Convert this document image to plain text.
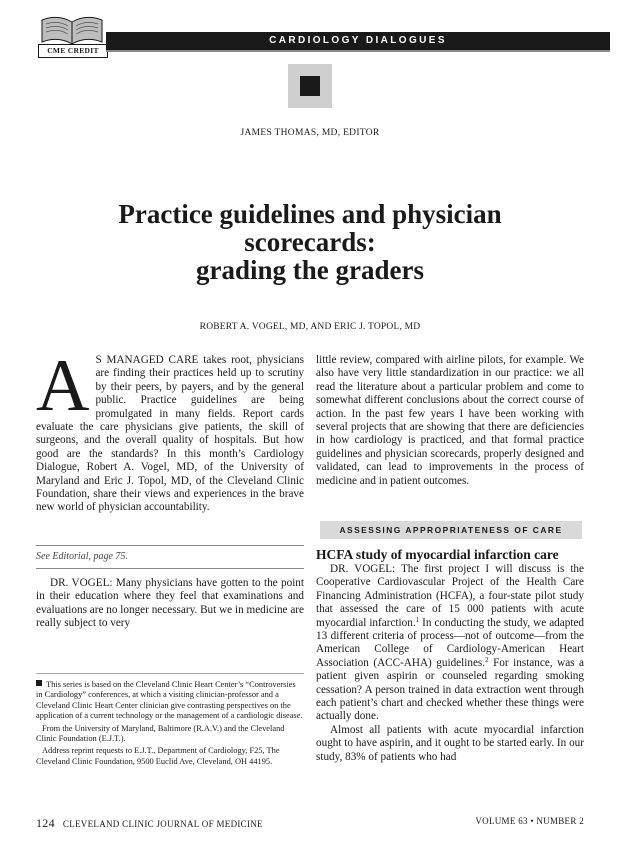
CME CREDIT
CARDIOLOGY DIALOGUES
JAMES THOMAS, MD, EDITOR
Practice guidelines and physician
scorecards:
grading the graders
ROBERT A. VOGEL, MD, AND ERIC J. TOPOL, MD

A S MANAGED CARE takes root, physicians are finding their practices held up to scrutiny by their peers, by payers, and by the general public. Practice guidelines are being promulgated in many fields. Report cards evaluate the care physicians give patients, the skill of surgeons, and the overall quality of hospitals. But how good are the standards? In this month’s Cardiology Dialogue, Robert A. Vogel, MD, of the University of Maryland and Eric J. Topol, MD, of the Cleveland Clinic Foundation, share their views and experiences in the brave new world of physician accountability.

See Editorial, page 75.

DR. VOGEL: Many physicians have gotten to the point in their education where they feel that examinations and evaluations are no longer necessary. But we in medicine are really subject to very

This series is based on the Cleveland Clinic Heart Center’s “Controversies in Cardiology” conferences, at which a visiting clinician-professor and a Cleveland Clinic Heart Center clinician give contrasting perspectives on the application of a current technology or the management of a cardiologic disease.

From the University of Maryland, Baltimore (R.A.V.) and the Cleveland Clinic Foundation (E.J.T.).

Address reprint requests to E.J.T., Department of Cardiology, F25, The Cleveland Clinic Foundation, 9500 Euclid Ave, Cleveland, OH 44195.

little review, compared with airline pilots, for example. We also have very little standardization in our practice: we all read the literature about a particular problem and come to somewhat different conclusions about the correct course of action. In the past few years I have been working with several projects that are showing that there are deficiencies in how cardiology is practiced, and that formal practice guidelines and physician scorecards, properly designed and validated, can lead to improvements in the process of medicine and in patient outcomes.

ASSESSING APPROPRIATENESS OF CARE
HCFA study of myocardial infarction care

DR. VOGEL: The first project I will discuss is the Cooperative Cardiovascular Project of the Health Care Financing Administration (HCFA), a four-state pilot study that assessed the care of 15 000 patients with acute myocardial infarction.$^1$ In conducting the study, we adapted 13 different criteria of process—not of outcome—from the American College of Cardiology-American Heart Association (ACC-AHA) guidelines.$^2$ For instance, was a patient given aspirin or counseled regarding smoking cessation? A person trained in data extraction went through each patient’s chart and checked whether these things were actually done.

Almost all patients with acute myocardial infarction ought to have aspirin, and it ought to be started early. In our study, 83% of patients who had

124 CLEVELAND CLINIC JOURNAL OF MEDICINE	VOLUME 63 • NUMBER 2
